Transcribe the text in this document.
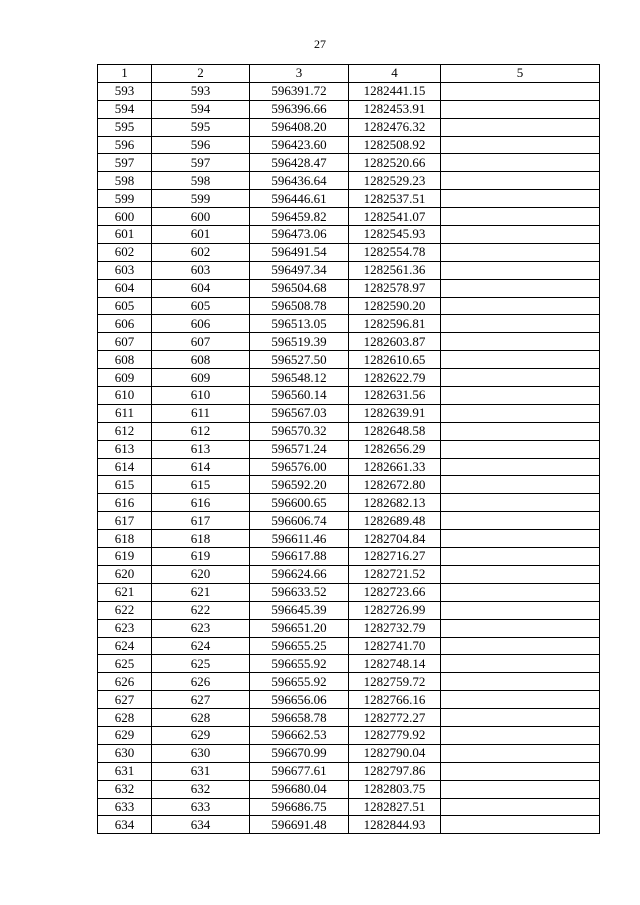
27
1	2	3	4	5
593	593	596391.72	1282441.15	
594	594	596396.66	1282453.91	
595	595	596408.20	1282476.32	
596	596	596423.60	1282508.92	
597	597	596428.47	1282520.66	
598	598	596436.64	1282529.23	
599	599	596446.61	1282537.51	
600	600	596459.82	1282541.07	
601	601	596473.06	1282545.93	
602	602	596491.54	1282554.78	
603	603	596497.34	1282561.36	
604	604	596504.68	1282578.97	
605	605	596508.78	1282590.20	
606	606	596513.05	1282596.81	
607	607	596519.39	1282603.87	
608	608	596527.50	1282610.65	
609	609	596548.12	1282622.79	
610	610	596560.14	1282631.56	
611	611	596567.03	1282639.91	
612	612	596570.32	1282648.58	
613	613	596571.24	1282656.29	
614	614	596576.00	1282661.33	
615	615	596592.20	1282672.80	
616	616	596600.65	1282682.13	
617	617	596606.74	1282689.48	
618	618	596611.46	1282704.84	
619	619	596617.88	1282716.27	
620	620	596624.66	1282721.52	
621	621	596633.52	1282723.66	
622	622	596645.39	1282726.99	
623	623	596651.20	1282732.79	
624	624	596655.25	1282741.70	
625	625	596655.92	1282748.14	
626	626	596655.92	1282759.72	
627	627	596656.06	1282766.16	
628	628	596658.78	1282772.27	
629	629	596662.53	1282779.92	
630	630	596670.99	1282790.04	
631	631	596677.61	1282797.86	
632	632	596680.04	1282803.75	
633	633	596686.75	1282827.51	
634	634	596691.48	1282844.93	
